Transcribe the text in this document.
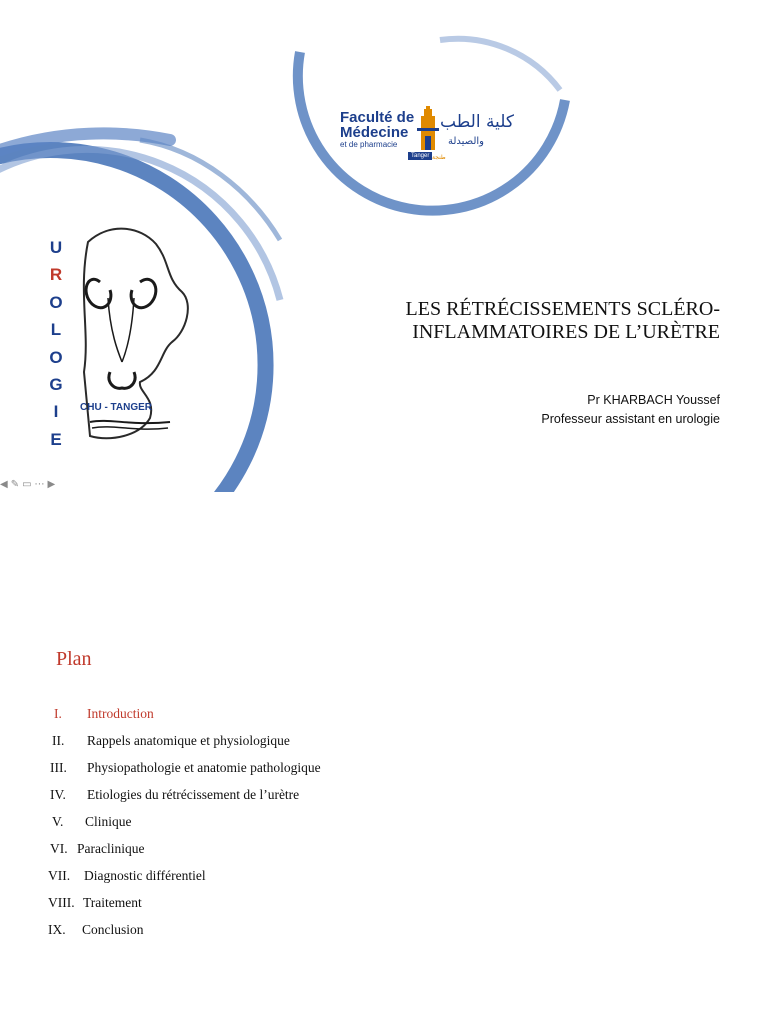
Faculté de
Médecine
et de pharmacie
كلية الطب
والصيدلة
Tanger طنجة
U
R
O
L
O
G
I
E
CHU - TANGER
LES RÉTRÉCISSEMENTS SCLÉRO-
INFLAMMATOIRES DE L’URÈTRE
Pr KHARBACH Youssef
Professeur assistant en urologie
◀ ✎ ▭ ⋯ ▶
Plan
I. Introduction
II. Rappels anatomique et physiologique
III. Physiopathologie et anatomie pathologique
IV. Etiologies du rétrécissement de l’urètre
V. Clinique
VI. Paraclinique
VII. Diagnostic différentiel
VIII. Traitement
IX. Conclusion
